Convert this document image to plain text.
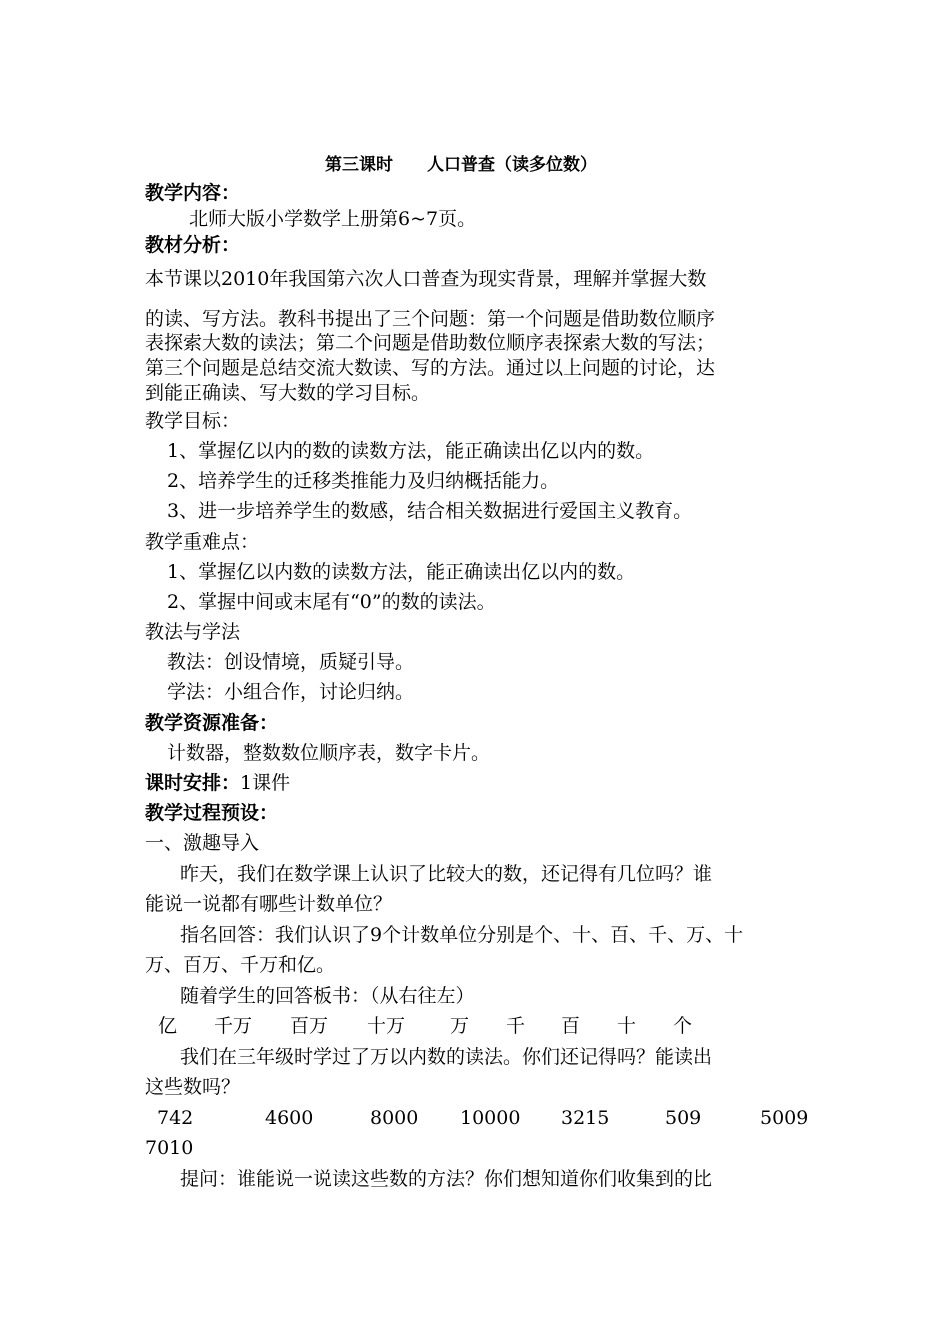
第三课时　　人口普查（读多位数）
教学内容：
北师大版小学数学上册第6~7页。
教材分析：
本节课以2010年我国第六次人口普查为现实背景，理解并掌握大数
的读、写方法。教科书提出了三个问题：第一个问题是借助数位顺序
表探索大数的读法；第二个问题是借助数位顺序表探索大数的写法；
第三个问题是总结交流大数读、写的方法。通过以上问题的讨论，达
到能正确读、写大数的学习目标。
教学目标：
1、掌握亿以内的数的读数方法，能正确读出亿以内的数。
2、培养学生的迁移类推能力及归纳概括能力。
3、进一步培养学生的数感，结合相关数据进行爱国主义教育。
教学重难点：
1、掌握亿以内数的读数方法，能正确读出亿以内的数。
2、掌握中间或末尾有“0”的数的读法。
教法与学法
教法：创设情境，质疑引导。
学法：小组合作，讨论归纳。
教学资源准备：
计数器，整数数位顺序表，数字卡片。
课时安排：1课件
教学过程预设：
一、激趣导入
昨天，我们在数学课上认识了比较大的数，还记得有几位吗？谁
能说一说都有哪些计数单位？
指名回答：我们认识了9个计数单位分别是个、十、百、千、万、十
万、百万、千万和亿。
随着学生的回答板书：（从右往左）
亿 千万 百万 十万 万 千 百 十 个
我们在三年级时学过了万以内数的读法。你们还记得吗？能读出
这些数吗？
742	4600	8000 10000 3215	509	5009
7010
提问：谁能说一说读这些数的方法？你们想知道你们收集到的比
